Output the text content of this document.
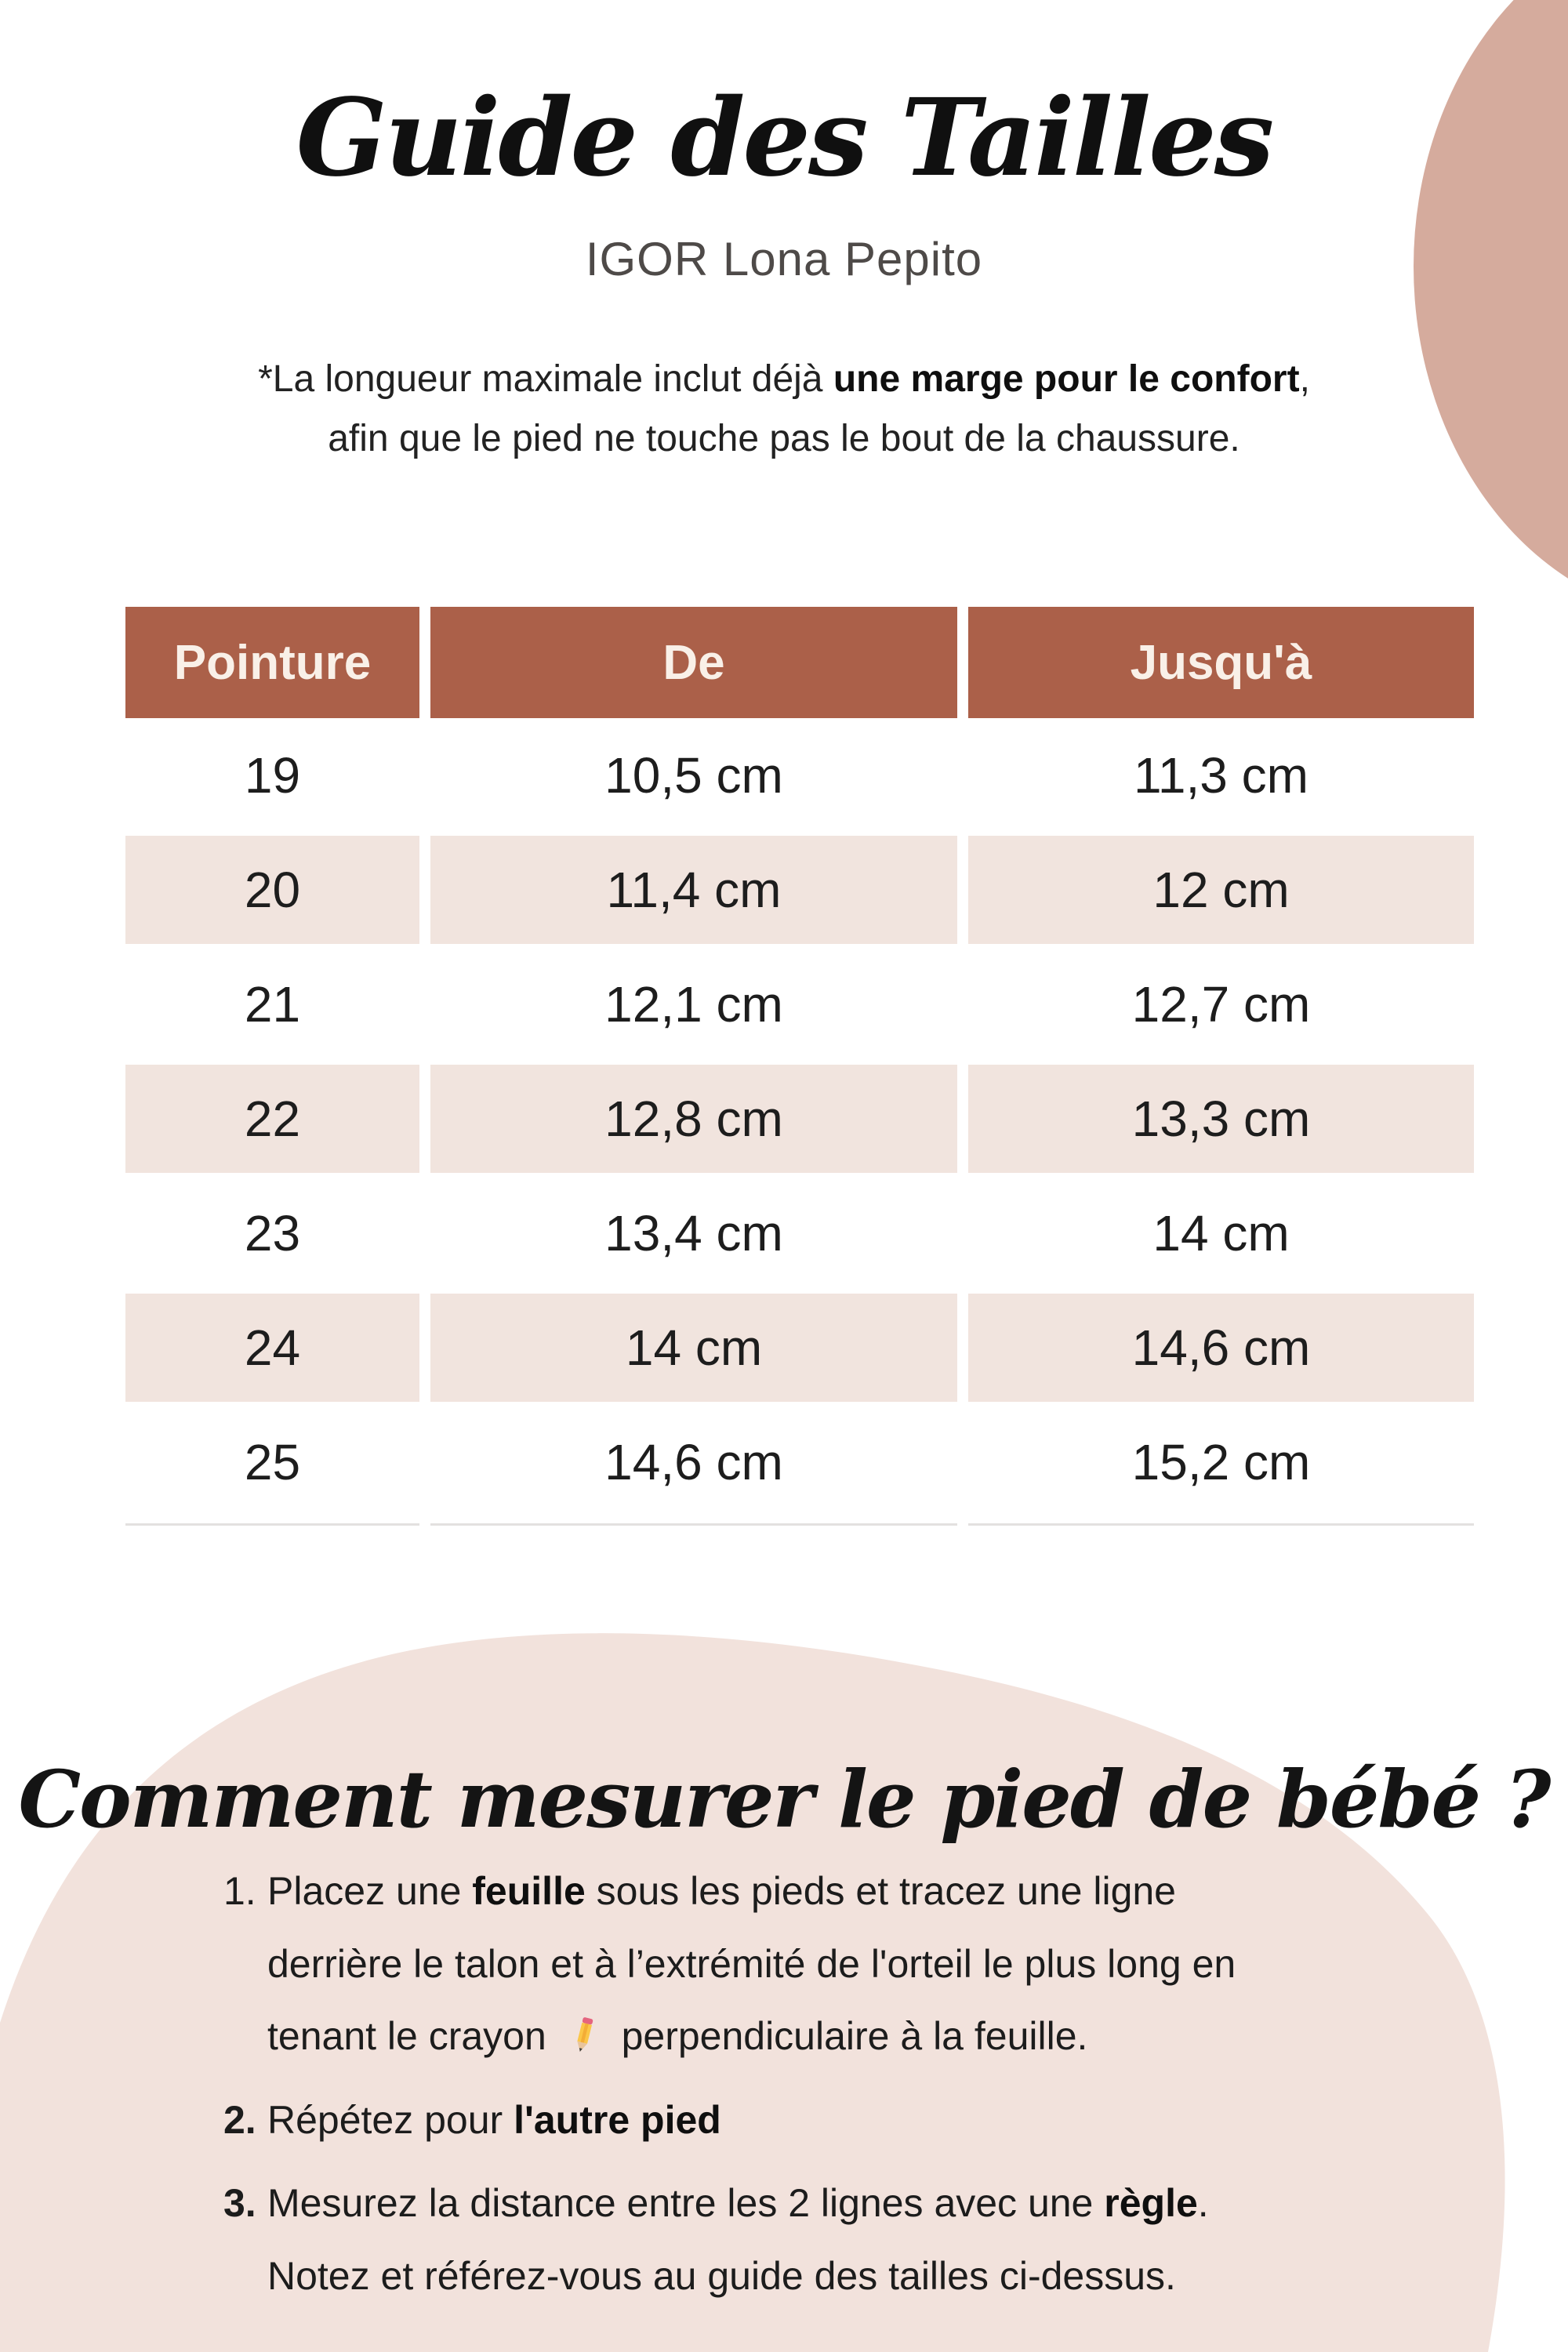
Guide des Tailles
IGOR Lona Pepito
*La longueur maximale inclut déjà une marge pour le confort,
afin que le pied ne touche pas le bout de la chaussure.
Pointure	De	Jusqu'à
19	10,5 cm	11,3 cm
20	11,4 cm	12 cm
21	12,1 cm	12,7 cm
22	12,8 cm	13,3 cm
23	13,4 cm	14 cm
24	14 cm	14,6 cm
25	14,6 cm	15,2 cm
Comment mesurer le pied de bébé ?
1. Placez une feuille sous les pieds et tracez une ligne
derrière le talon et à l’extrémité de l'orteil le plus long en
tenant le crayon  perpendiculaire à la feuille.
2. Répétez pour l'autre pied
3. Mesurez la distance entre les 2 lignes avec une règle.
Notez et référez-vous au guide des tailles ci-dessus.
